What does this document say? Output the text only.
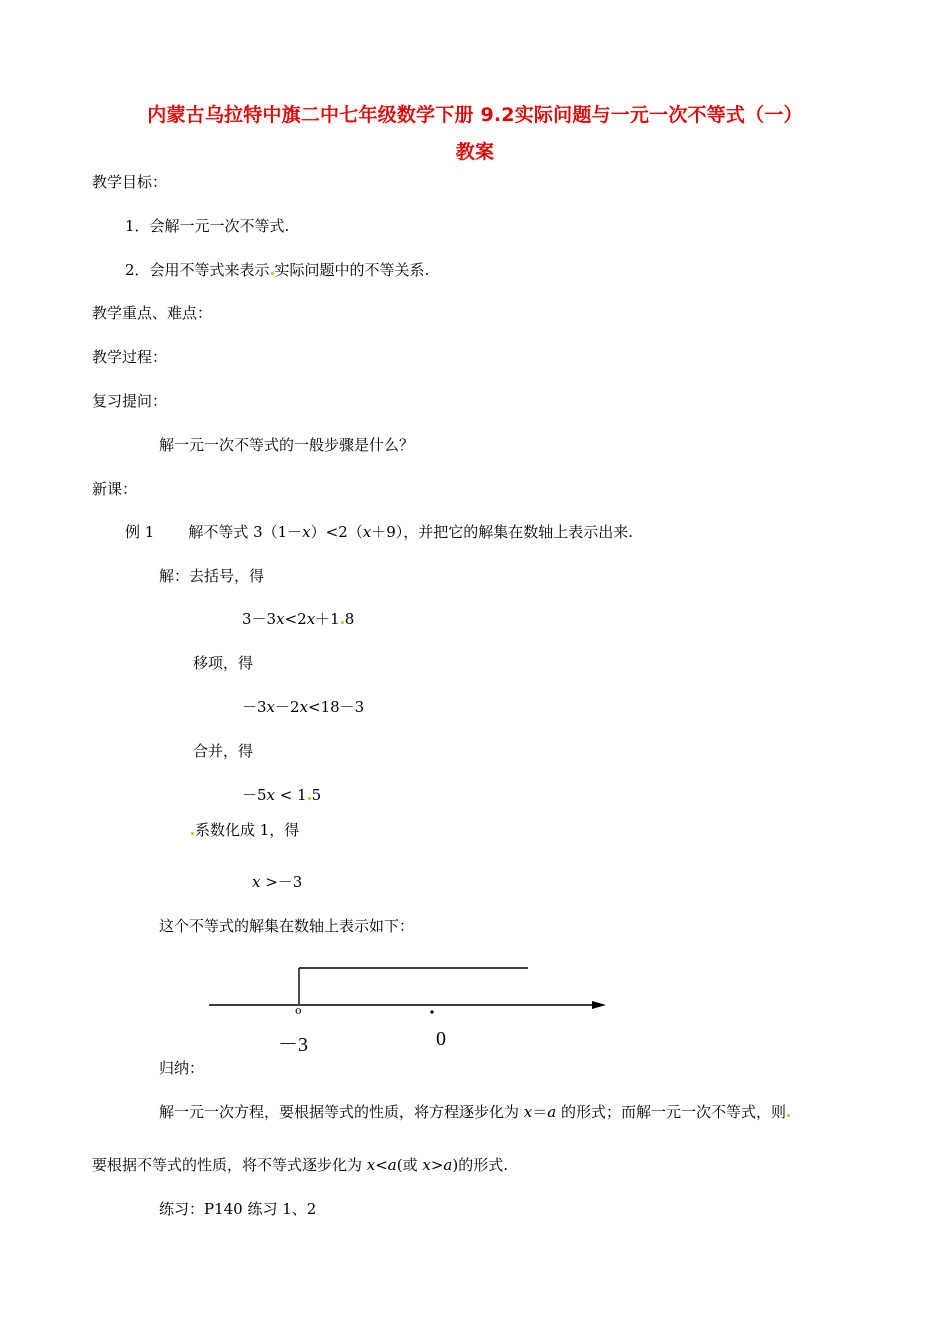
内蒙古乌拉特中旗二中七年级数学下册 9.2实际问题与一元一次不等式（一）
教案
教学目标：
1．会解一元一次不等式.
2．会用不等式来表示 实际问题中的不等关系.
教学重点、难点：
教学过程：
复习提问：
解一元一次不等式的一般步骤是什么？
新课：
例 1 解不等式 3（1－x）<2（x＋9），并把它的解集在数轴上表示出来.
解：去括号，得
3－3x<2x＋1 8
移项，得
－3x－2x<18－3
合并，得
－5x < 1 5
系数化成 1，得
x >－3
这个不等式的解集在数轴上表示如下：
o
－3	0
归纳：
解一元一次方程，要根据等式的性质，将方程逐步化为 x＝a 的形式；而解一元一次不等式，则
要根据不等式的性质，将不等式逐步化为 x<a(或 x>a)的形式.
练习：P140 练习 1、2
